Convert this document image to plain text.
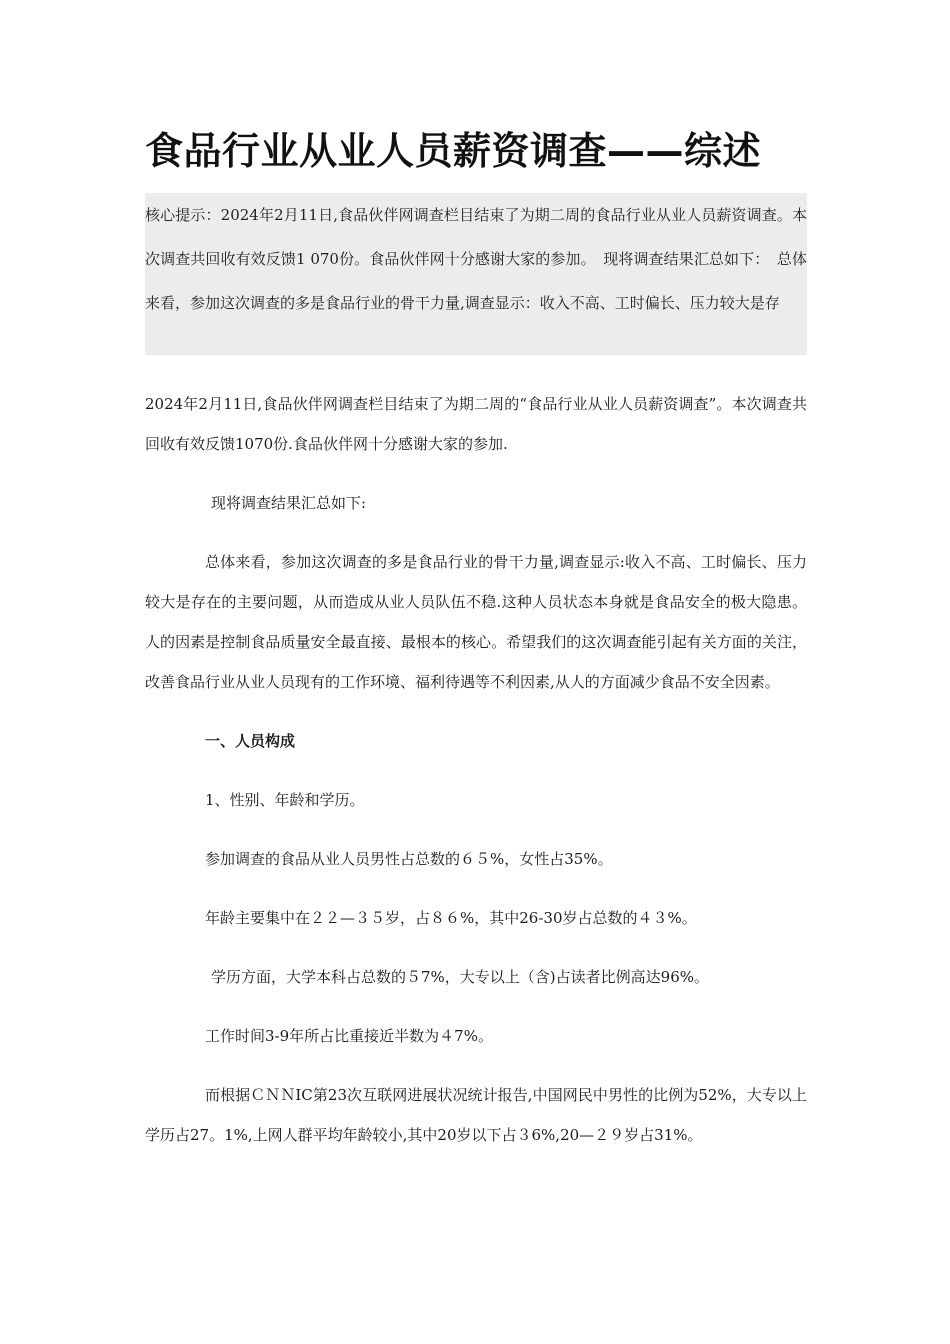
食品行业从业人员薪资调查——综述
核心提示：2024年2月11日,食品伙伴网调查栏目结束了为期二周的食品行业从业人员薪资调查。本次调查共回收有效反馈1 070份。食品伙伴网十分感谢大家的参加。　现将调查结果汇总如下：　总体来看，参加这次调查的多是食品行业的骨干力量,调查显示：收入不高、工时偏长、压力较大是存

2024年2月11日,食品伙伴网调查栏目结束了为期二周的“食品行业从业人员薪资调查”。本次调查共回收有效反馈1070份.食品伙伴网十分感谢大家的参加.

现将调查结果汇总如下:

总体来看，参加这次调查的多是食品行业的骨干力量,调查显示:收入不高、工时偏长、压力较大是存在的主要问题，从而造成从业人员队伍不稳.这种人员状态本身就是食品安全的极大隐患。人的因素是控制食品质量安全最直接、最根本的核心。希望我们的这次调查能引起有关方面的关注，改善食品行业从业人员现有的工作环境、福利待遇等不利因素,从人的方面减少食品不安全因素。

一、人员构成

1、性别、年龄和学历。

参加调查的食品从业人员男性占总数的６５%，女性占35%。

年龄主要集中在２２—３５岁，占８６%，其中26-30岁占总数的４３%。

学历方面，大学本科占总数的５7%，大专以上（含)占读者比例高达96%。

工作时间3-9年所占比重接近半数为４7%。

而根据ＣＮＮIC第23次互联网进展状况统计报告,中国网民中男性的比例为52%，大专以上学历占27。1%,上网人群平均年龄较小,其中20岁以下占３6%,20—２９岁占31%。
